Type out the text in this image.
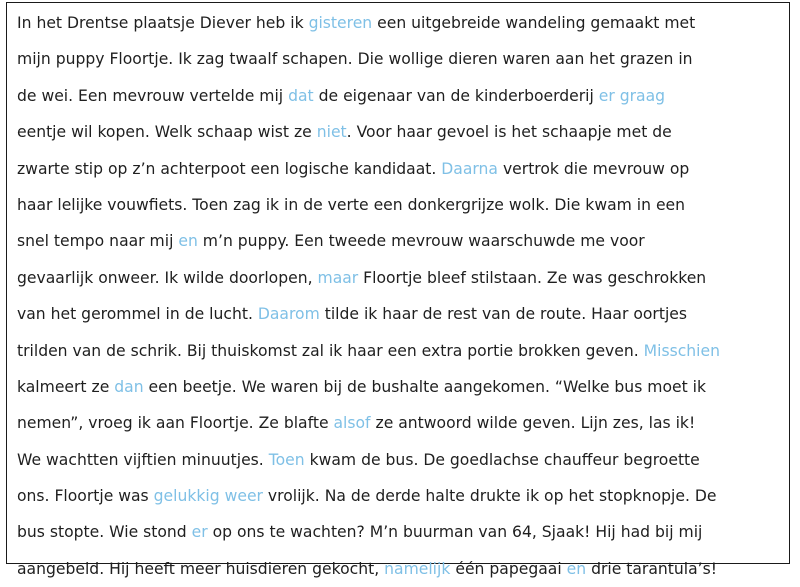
In het Drentse plaatsje Diever heb ik gisteren een uitgebreide wandeling gemaakt met
mijn puppy Floortje. Ik zag twaalf schapen. Die wollige dieren waren aan het grazen in
de wei. Een mevrouw vertelde mij dat de eigenaar van de kinderboerderij er graag
eentje wil kopen. Welk schaap wist ze niet. Voor haar gevoel is het schaapje met de
zwarte stip op z’n achterpoot een logische kandidaat. Daarna vertrok die mevrouw op
haar lelijke vouwfiets. Toen zag ik in de verte een donkergrijze wolk. Die kwam in een
snel tempo naar mij en m’n puppy. Een tweede mevrouw waarschuwde me voor
gevaarlijk onweer. Ik wilde doorlopen, maar Floortje bleef stilstaan. Ze was geschrokken
van het gerommel in de lucht. Daarom tilde ik haar de rest van de route. Haar oortjes
trilden van de schrik. Bij thuiskomst zal ik haar een extra portie brokken geven. Misschien
kalmeert ze dan een beetje. We waren bij de bushalte aangekomen. “Welke bus moet ik
nemen”, vroeg ik aan Floortje. Ze blafte alsof ze antwoord wilde geven. Lijn zes, las ik!
We wachtten vijftien minuutjes. Toen kwam de bus. De goedlachse chauffeur begroette
ons. Floortje was gelukkig weer vrolijk. Na de derde halte drukte ik op het stopknopje. De
bus stopte. Wie stond er op ons te wachten? M’n buurman van 64, Sjaak! Hij had bij mij
aangebeld. Hij heeft meer huisdieren gekocht, namelijk één papegaai en drie tarantula’s!
